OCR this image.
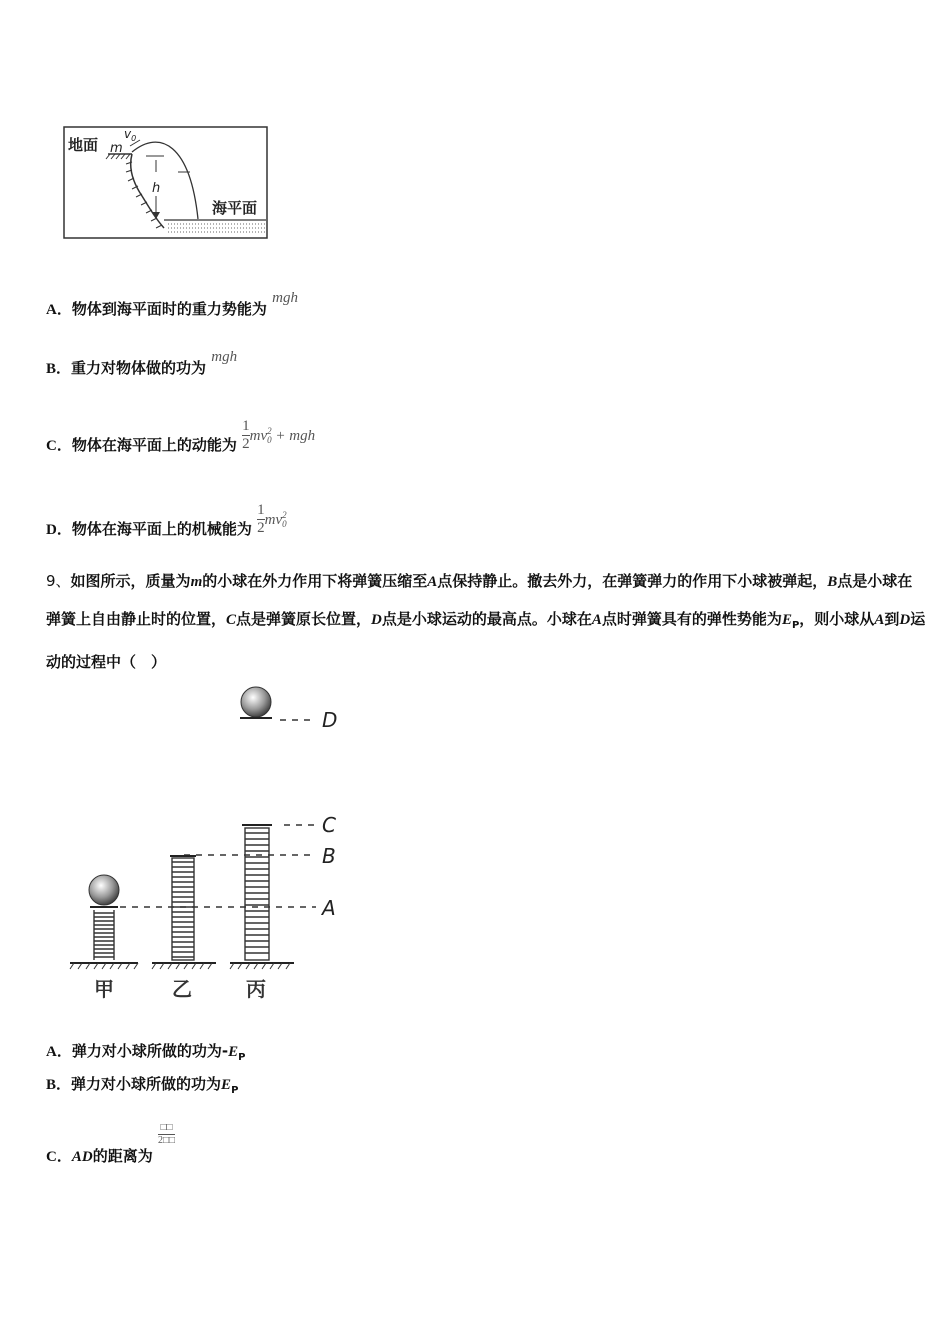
地面
$v_0$
m
h
海平面
A．物体到海平面时的重力势能为 mgh
B．重力对物体做的功为 mgh
C．物体在海平面上的动能为 $\frac{1}{2}$ mv 2
0 + mgh
D．物体在海平面上的机械能为 $\frac{1}{2}$ mv 2
0
9、如图所示，质量为m的小球在外力作用下将弹簧压缩至A点保持静止。撤去外力，在弹簧弹力的作用下小球被弹起，B点是小球在弹簧上自由静止时的位置，C点是弹簧原长位置，D点是小球运动的最高点。小球在A点时弹簧具有的弹性势能为$E_P$，则小球从A到D运动的过程中（　）
D
C
B
A
甲	乙	丙
A．弹力对小球所做的功为$-E_P$
B．弹力对小球所做的功为$E_P$
C．AD的距离为
$\frac{□□}{2□□}$
